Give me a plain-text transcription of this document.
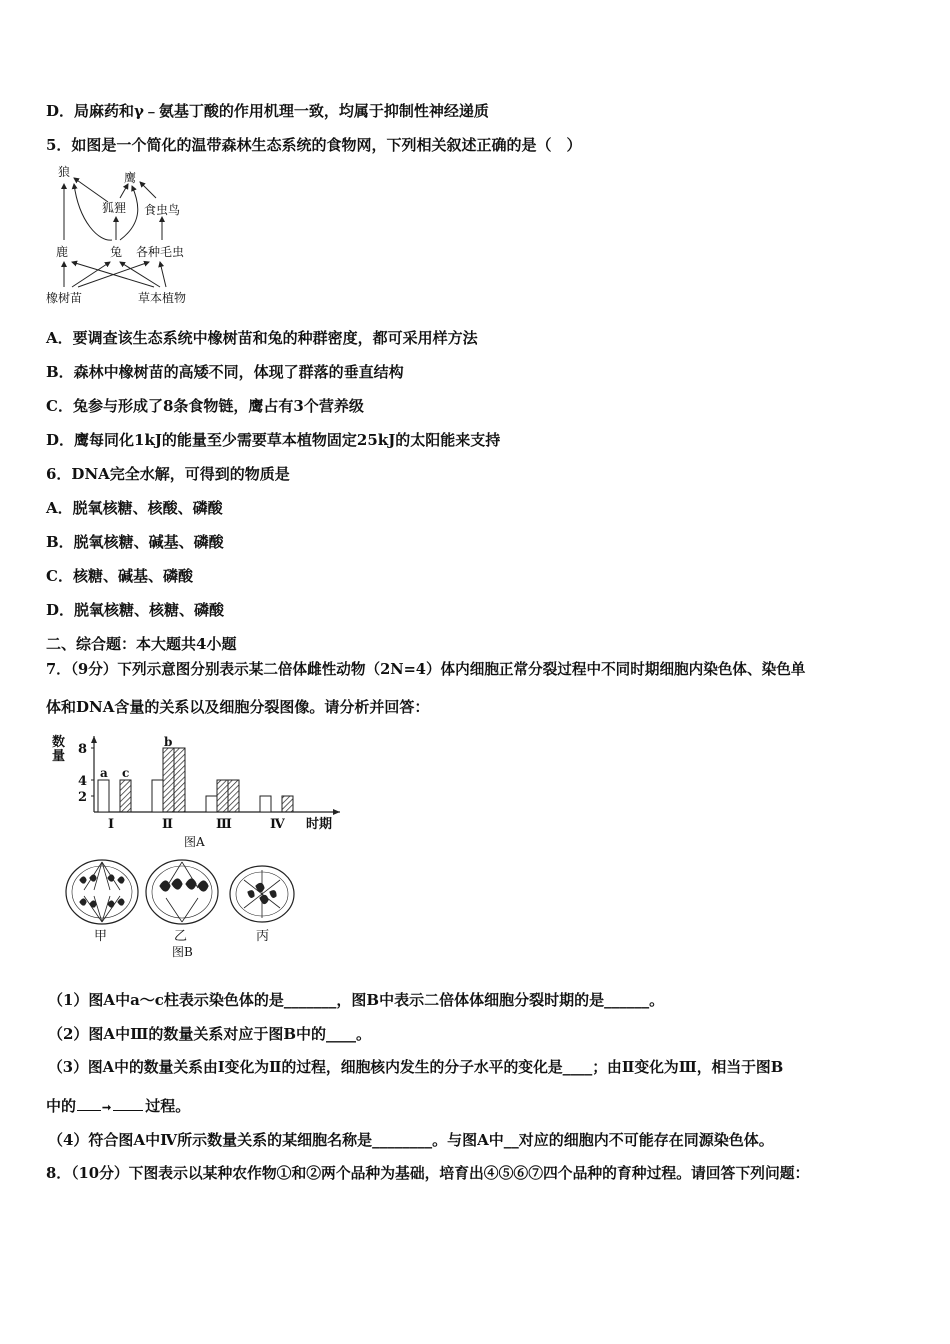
D．局麻药和γ﹣氨基丁酸的作用机理一致，均属于抑制性神经递质
5．如图是一个简化的温带森林生态系统的食物网，下列相关叙述正确的是（　）
狼	鹰
狐狸 食虫鸟
鹿	兔 各种毛虫
橡树苗	草本植物
A．要调查该生态系统中橡树苗和兔的种群密度，都可采用样方法
B．森林中橡树苗的高矮不同，体现了群落的垂直结构
C．兔参与形成了8条食物链，鹰占有3个营养级
D．鹰每同化1kJ的能量至少需要草本植物固定25kJ的太阳能来支持
6．DNA完全水解，可得到的物质是
A．脱氧核糖、核酸、磷酸
B．脱氧核糖、碱基、磷酸
C．核糖、碱基、磷酸
D．脱氧核糖、核糖、磷酸
二、综合题：本大题共4小题
7．（9分）下列示意图分别表示某二倍体雌性动物（2N=4）体内细胞正常分裂过程中不同时期细胞内染色体、染色单
体和DNA含量的关系以及细胞分裂图像。请分析并回答：
数
量
2
4
8
a c
Ⅰ
b
Ⅱ	Ⅲ	Ⅳ 时期
图A
甲	乙	丙
图B
（1）图A中a～c柱表示染色体的是_______，图B中表示二倍体体细胞分裂时期的是______。
（2）图A中Ⅲ的数量关系对应于图B中的____。
（3）图A中的数量关系由Ⅰ变化为Ⅱ的过程，细胞核内发生的分子水平的变化是____；由Ⅱ变化为Ⅲ，相当于图B
中的 ➞ 过程。
（4）符合图A中Ⅳ所示数量关系的某细胞名称是________。与图A中__对应的细胞内不可能存在同源染色体。
8．（10分）下图表示以某种农作物①和②两个品种为基础，培育出④⑤⑥⑦四个品种的育种过程。请回答下列问题：
